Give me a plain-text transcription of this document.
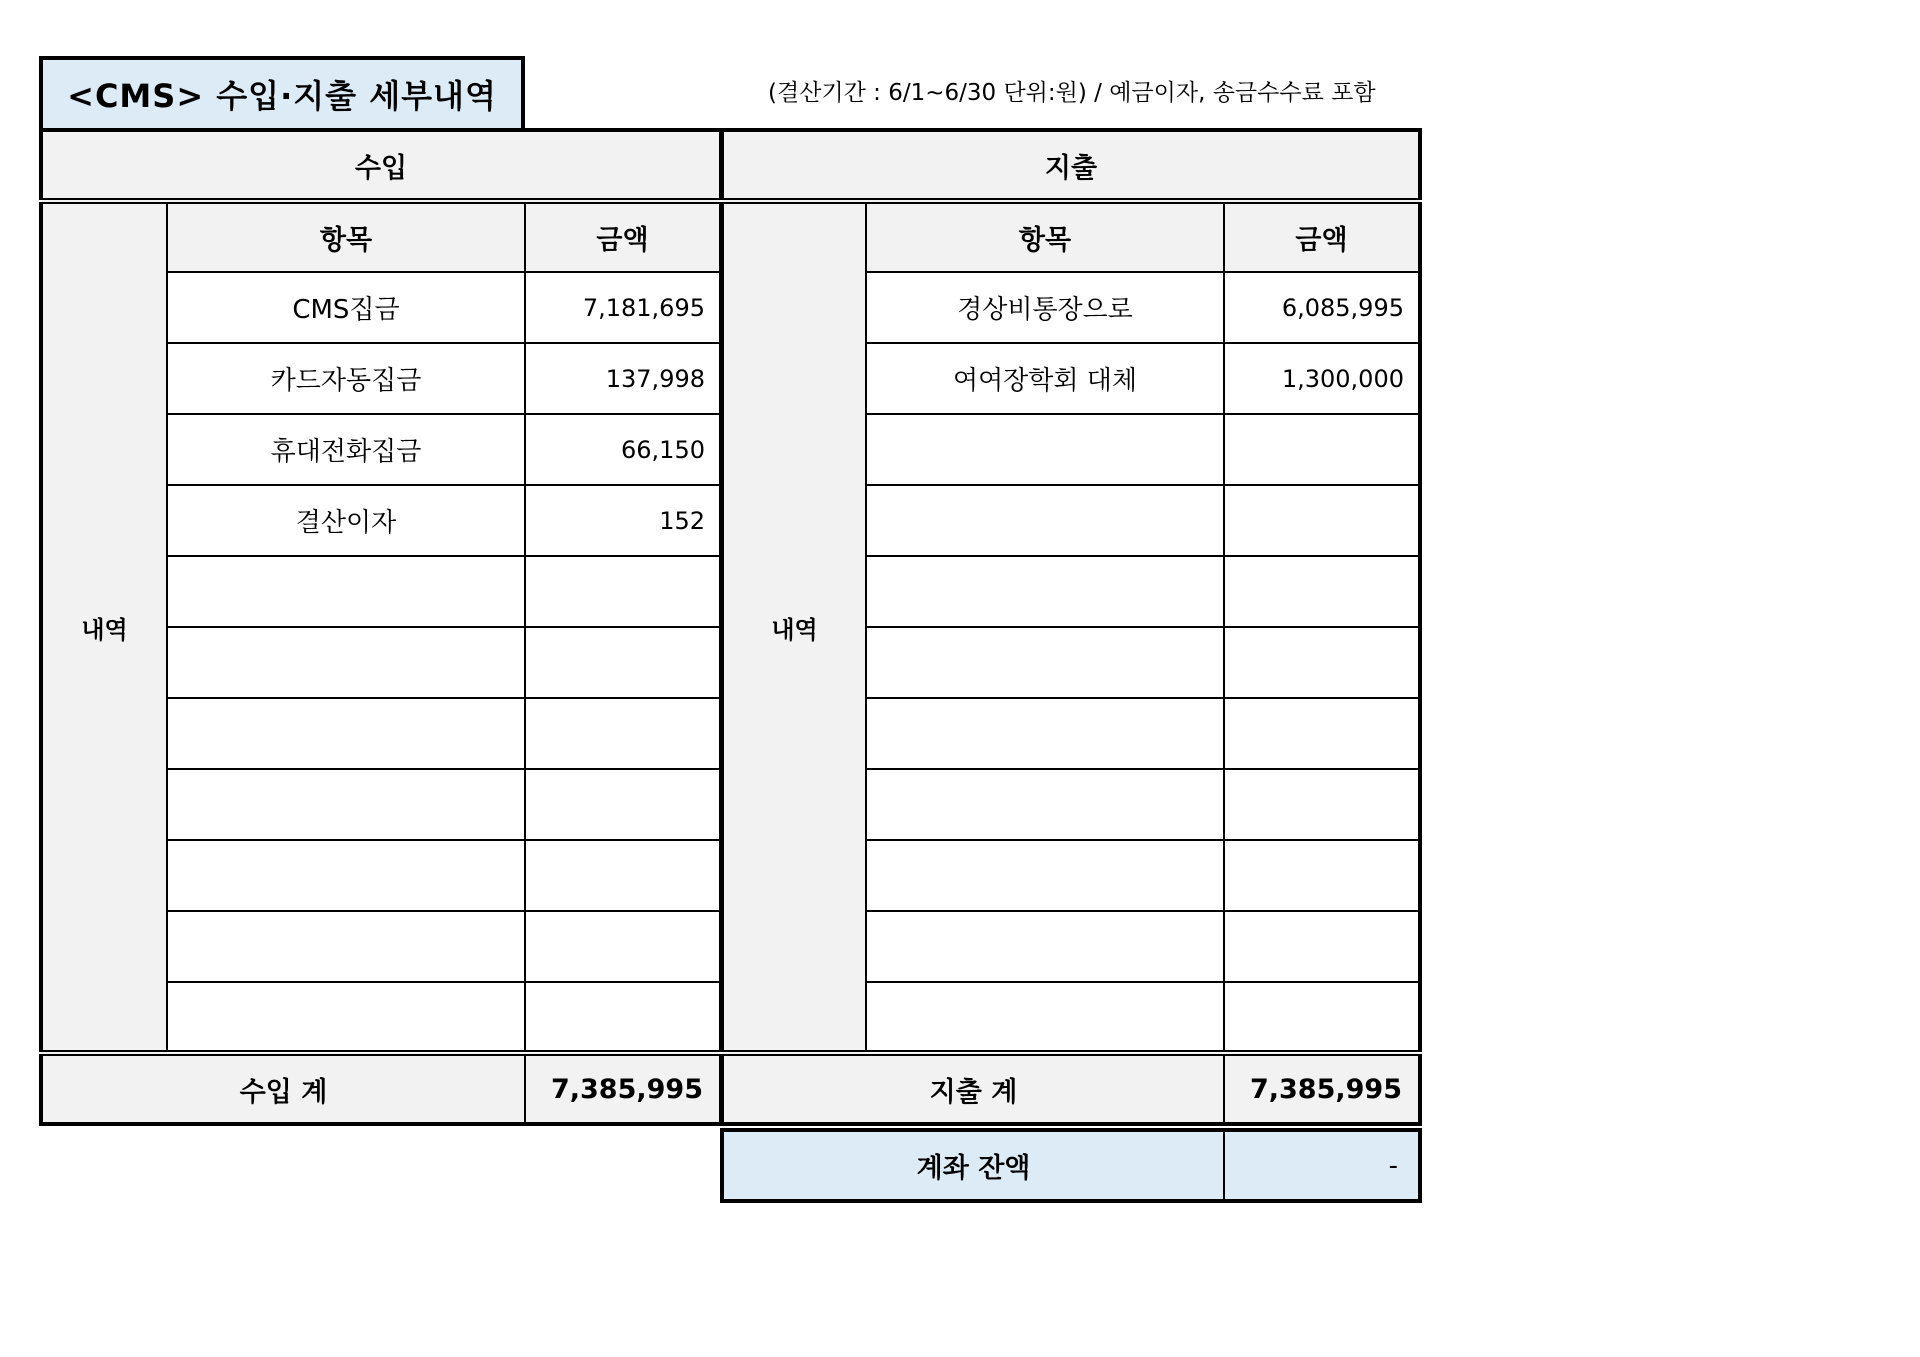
<CMS> 수입·지출 세부내역	(결산기간 : 6/1~6/30 단위:원) / 예금이자, 송금수수료 포함
수입		
내역	항목	금액
	CMS집금	7,181,695
	카드자동집금	137,998
	휴대전화집금	66,150
	결산이자	152

수입 계		7,385,995
지출		
내역	항목	금액
	경상비통장으로	6,085,995
	여여장학회 대체	1,300,000

지출 계		7,385,995
계좌 잔액	-
